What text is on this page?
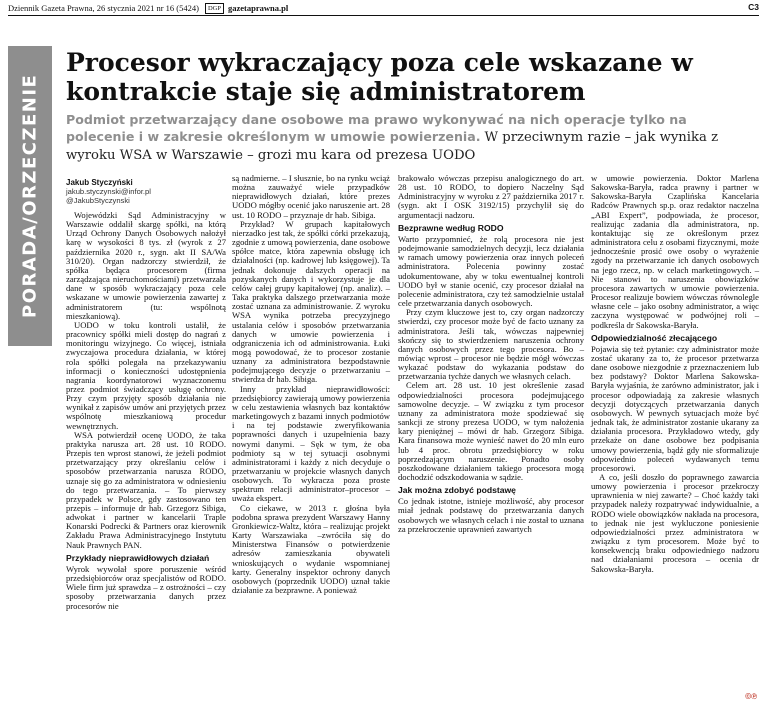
Dziennik Gazeta Prawna, 26 stycznia 2021 nr 16 (5424)	DGP gazetaprawna.pl	C3
PORADA/ORZECZENIE
Procesor wykraczający poza cele wskazane w kontrakcie staje się administratorem
Podmiot przetwarzający dane osobowe ma prawo wykonywać na nich operacje tylko na polecenie i w zakresie określonym w umowie powierzenia. W przeciwnym razie – jak wynika z wyroku WSA w Warszawie – grozi mu kara od prezesa UODO
Jakub Styczyński
jakub.styczynski@infor.pl
@JakubStyczynski

Wojewódzki Sąd Administracyjny w Warszawie oddalił skargę spółki, na którą Urząd Ochrony Danych Osobowych nałożył karę w wysokości 8 tys. zł (wyrok z 27 października 2020 r., sygn. akt II SA/Wa 310/20). Organ nadzorczy stwierdził, że spółka będąca procesorem (firma zarządzająca nieruchomościami) przetwarzała dane w sposób wykraczający poza cele wskazane w umowie powierzenia zawartej z administratorem (tu: wspólnotą mieszkaniową).

UODO w toku kontroli ustalił, że pracownicy spółki mieli dostęp do nagrań z monitoringu wizyjnego. Co więcej, istniała zwyczajowa procedura działania, w której rola spółki polegała na przekazywaniu informacji o konieczności udostępnienia nagrania koordynatorowi wyznaczonemu przez podmiot świadczący usługę ochrony. Przy czym przyjęty sposób działania nie wynikał z zapisów umów ani przyjętych przez wspólnotę mieszkaniową procedur wewnętrznych.

WSA potwierdził ocenę UODO, że taka praktyka narusza art. 28 ust. 10 RODO. Przepis ten wprost stanowi, że jeżeli podmiot przetwarzający przy określaniu celów i sposobów przetwarzania narusza RODO, uznaje się go za administratora w odniesieniu do tego przetwarzania. – To pierwszy przypadek w Polsce, gdy zastosowano ten przepis – informuje dr hab. Grzegorz Sibiga, adwokat i partner w kancelarii Traple Konarski Podrecki & Partners oraz kierownik Zakładu Prawa Administracyjnego Instytutu Nauk Prawnych PAN.

Przykłady nieprawidłowych działań

Wyrok wywołał spore poruszenie wśród przedsiębiorców oraz specjalistów od RODO. Wiele firm już sprawdza – z ostrożności – czy sposoby przetwarzania danych przez procesorów nie

są nadmierne. – I słusznie, bo na rynku wciąż można zauważyć wiele przypadków nieprawidłowych działań, które prezes UODO mógłby ocenić jako naruszenie art. 28 ust. 10 RODO – przyznaje dr hab. Sibiga.

Przykład? W grupach kapitałowych nierzadko jest tak, że spółki córki przekazują, zgodnie z umową powierzenia, dane osobowe spółce matce, która zapewnia obsługę ich działalności (np. kadrowej lub księgowej). Ta jednak dokonuje dalszych operacji na pozyskanych danych i wykorzystuje je dla celów całej grupy kapitałowej (np. analiz). – Taka praktyka dalszego przetwarzania może zostać uznana za administrowanie. Z wyroku WSA wynika potrzeba precyzyjnego ustalania celów i sposobów przetwarzania danych w umowie powierzenia i odgraniczenia ich od administrowania. Łuki mogą powodować, że to procesor zostanie uznany za administratora bezpodstawnie podejmującego decyzje o przetwarzaniu – stwierdza dr hab. Sibiga.

Inny przykład nieprawidłowości: przedsiębiorcy zawierają umowy powierzenia w celu zestawienia własnych baz kontaktów marketingowych z bazami innych podmiotów i na tej podstawie zweryfikowania poprawności danych i uzupełnienia bazy nowymi danymi. – Sęk w tym, że oba podmioty są w tej sytuacji osobnymi administratorami i każdy z nich decyduje o przetwarzaniu w projekcie własnych danych osobowych. To wykracza poza proste spektrum relacji administrator–procesor – uważa ekspert.

Co ciekawe, w 2013 r. głośna była podobna sprawa prezydent Warszawy Hanny Gronkiewicz-Waltz, która – realizując projekt Karty Warszawiaka –zwróciła się do Ministerstwa Finansów o potwierdzenie adresów zamieszkania obywateli wnioskujących o wydanie wspomnianej karty. Generalny inspektor ochrony danych osobowych (poprzednik UODO) uznał takie działanie za bezprawne. A ponieważ

brakowało wówczas przepisu analogicznego do art. 28 ust. 10 RODO, to dopiero Naczelny Sąd Administracyjny w wyroku z 27 października 2017 r. (sygn. akt I OSK 3192/15) przychylił się do argumentacji nadzoru.

Bezprawne według RODO

Warto przypomnieć, że rolą procesora nie jest podejmowanie samodzielnych decyzji, lecz działania w ramach umowy powierzenia oraz innych poleceń administratora. Polecenia powinny zostać udokumentowane, aby w toku ewentualnej kontroli UODO był w stanie ocenić, czy procesor działał na polecenie administratora, czy też samodzielnie ustalał cele przetwarzania danych osobowych.

Przy czym kluczowe jest to, czy organ nadzorczy stwierdzi, czy procesor może być de facto uznany za administratora. Jeśli tak, wówczas najpewniej skończy się to stwierdzeniem naruszenia ochrony danych osobowych przez tego procesora. Bo – mówiąc wprost – procesor nie będzie mógł wówczas wykazać podstaw do wykazania podstaw do przetwarzania tychże danych we własnych celach.

Celem art. 28 ust. 10 jest określenie zasad odpowiedzialności procesora podejmującego samowolne decyzje. – W związku z tym procesor uznany za administratora może spodziewać się sankcji ze strony prezesa UODO, w tym nałożenia kary pieniężnej – mówi dr hab. Grzegorz Sibiga. Kara finansowa może wynieść nawet do 20 mln euro lub 4 proc. obrotu przedsiębiorcy w roku poprzedzającym naruszenie. Ponadto osoby poszkodowane działaniem takiego procesora mogą dochodzić odszkodowania w sądzie.

Jak można zdobyć podstawę

Co jednak istotne, istnieje możliwość, aby procesor miał jednak podstawę do przetwarzania danych osobowych we własnych celach i nie został to uznana za przekroczenie uprawnień zawartych

w umowie powierzenia. Doktor Marlena Sakowska-Baryła, radca prawny i partner w Sakowska-Baryła Czaplińska Kancelaria Radców Prawnych sp.p. oraz redaktor naczelna „ABI Expert”, podpowiada, że procesor, realizując zadania dla administratora, np. kontaktując się ze określonym przez administratora celu z osobami fizycznymi, może jednocześnie prosić owe osoby o wyrażenie zgody na przetwarzanie ich danych osobowych na jego rzecz, np. w celach marketingowych. – Nie stanowi to naruszenia obowiązków procesora zawartych w umowie powierzenia. Procesor realizuje bowiem wówczas równolegle własne cele – jako osobny administrator, a więc zaczyna występować w podwójnej roli – podkreśla dr Sakowska-Baryła.

Odpowiedzialność złecającego

Pojawia się też pytanie: czy administrator może zostać ukarany za to, że procesor przetwarza dane osobowe niezgodnie z przeznaczeniem lub bez podstawy? Doktor Marlena Sakowska-Baryła wyjaśnia, że zarówno administrator, jak i procesor odpowiadają za zakresie własnych decyzji dotyczących przetwarzania danych osobowych. W pewnych sytuacjach może być jednak tak, że administrator zostanie ukarany za działania procesora. Przykładowo wtedy, gdy przekaże on dane osobowe bez podpisania umowy powierzenia, bądź gdy nie sformalizuje odpowiednio poleceń wydawanych temu procesorowi.

A co, jeśli doszło do poprawnego zawarcia umowy powierzenia i procesor przekroczy uprawnienia w niej zawarte? – Choć każdy taki przypadek należy rozpatrywać indywidualnie, a RODO wiele obowiązków nakłada na procesora, to jednak nie jest wykluczone poniesienie odpowiedzialności przez administratora w związku z tym procesorem. Może być to konsekwencją braku odpowiedniego nadzoru nad działaniami procesora – ocenia dr Sakowska-Baryła.

©℗
